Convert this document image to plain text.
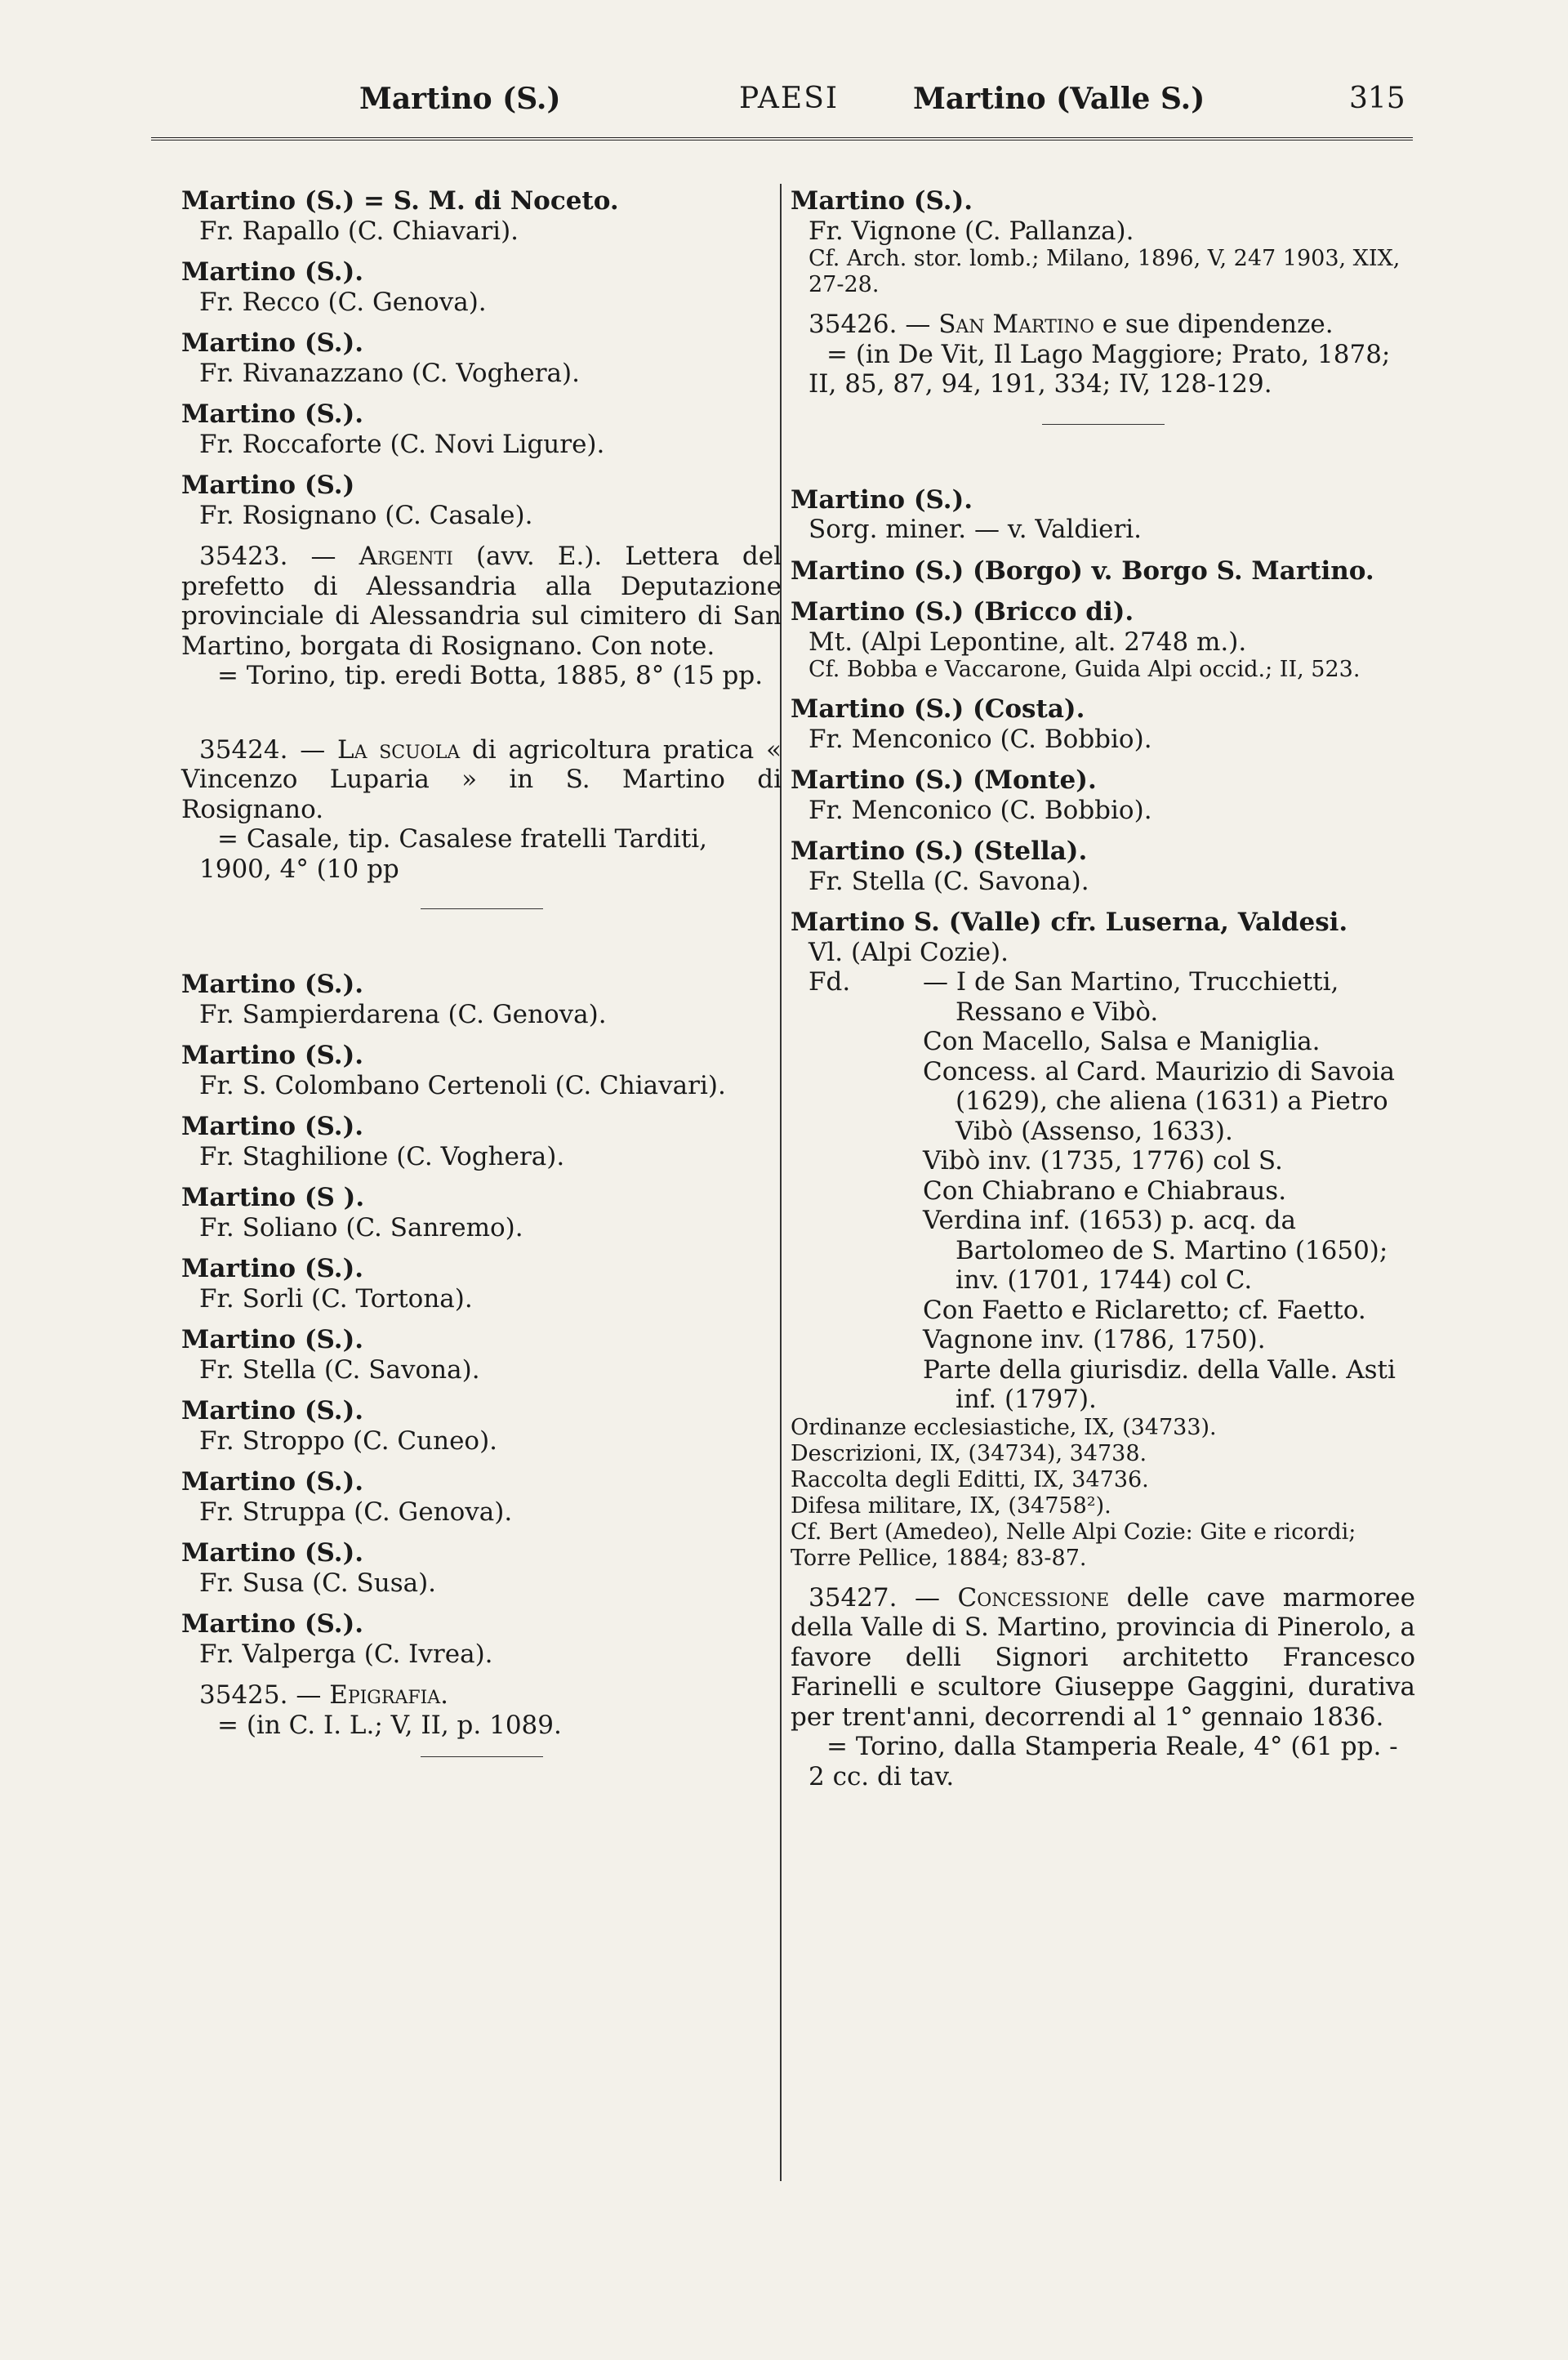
Martino (S.)	PAESI	Martino (Valle S.)	315
Martino (S.) = S. M. di Noceto.
Fr. Rapallo (C. Chiavari).
Martino (S.).
Fr. Recco (C. Genova).
Martino (S.).
Fr. Rivanazzano (C. Voghera).
Martino (S.).
Fr. Roccaforte (C. Novi Ligure).
Martino (S.)
Fr. Rosignano (C. Casale).
35423. — Argenti (avv. E.). Lettera del prefetto di Alessandria alla Deputazione provinciale di Alessandria sul cimitero di San Martino, borgata di Rosignano. Con note.
= Torino, tip. eredi Botta, 1885, 8° (15 pp.
35424. — La scuola di agricoltura pratica « Vincenzo Luparia » in S. Martino di Rosignano.
= Casale, tip. Casalese fratelli Tarditi, 1900, 4° (10 pp
Martino (S.).
Fr. Sampierdarena (C. Genova).
Martino (S.).
Fr. S. Colombano Certenoli (C. Chiavari).
Martino (S.).
Fr. Staghilione (C. Voghera).
Martino (S ).
Fr. Soliano (C. Sanremo).
Martino (S.).
Fr. Sorli (C. Tortona).
Martino (S.).
Fr. Stella (C. Savona).
Martino (S.).
Fr. Stroppo (C. Cuneo).
Martino (S.).
Fr. Struppa (C. Genova).
Martino (S.).
Fr. Susa (C. Susa).
Martino (S.).
Fr. Valperga (C. Ivrea).
35425. — Epigrafia.
= (in C. I. L.; V, II, p. 1089.
Martino (S.).
Fr. Vignone (C. Pallanza).
Cf. Arch. stor. lomb.; Milano, 1896, V, 247 1903, XIX, 27-28.
35426. — San Martino e sue dipendenze.
= (in De Vit, Il Lago Maggiore; Prato, 1878; II, 85, 87, 94, 191, 334; IV, 128-129.
Martino (S.).
Sorg. miner. — v. Valdieri.
Martino (S.) (Borgo) v. Borgo S. Martino.
Martino (S.) (Bricco di).
Mt. (Alpi Lepontine, alt. 2748 m.).
Cf. Bobba e Vaccarone, Guida Alpi occid.; II, 523.
Martino (S.) (Costa).
Fr. Menconico (C. Bobbio).
Martino (S.) (Monte).
Fr. Menconico (C. Bobbio).
Martino (S.) (Stella).
Fr. Stella (C. Savona).
Martino S. (Valle) cfr. Luserna, Valdesi.
Vl. (Alpi Cozie).
Fd.	— I de San Martino, Trucchietti, Ressano e Vibò.
Con Macello, Salsa e Maniglia.
Concess. al Card. Maurizio di Savoia (1629), che aliena (1631) a Pietro Vibò (Assenso, 1633).
Vibò inv. (1735, 1776) col S.
Con Chiabrano e Chiabraus.
Verdina inf. (1653) p. acq. da Bartolomeo de S. Martino (1650); inv. (1701, 1744) col C.
Con Faetto e Riclaretto; cf. Faetto.
Vagnone inv. (1786, 1750).
Parte della giurisdiz. della Valle. Asti inf. (1797).
Ordinanze ecclesiastiche, IX, (34733).
Descrizioni, IX, (34734), 34738.
Raccolta degli Editti, IX, 34736.
Difesa militare, IX, (34758²).
Cf. Bert (Amedeo), Nelle Alpi Cozie: Gite e ricordi; Torre Pellice, 1884; 83-87.
35427. — Concessione delle cave marmoree della Valle di S. Martino, provincia di Pinerolo, a favore delli Signori architetto Francesco Farinelli e scultore Giuseppe Gaggini, durativa per trent'anni, decorrendi al 1° gennaio 1836.
= Torino, dalla Stamperia Reale, 4° (61 pp. - 2 cc. di tav.
